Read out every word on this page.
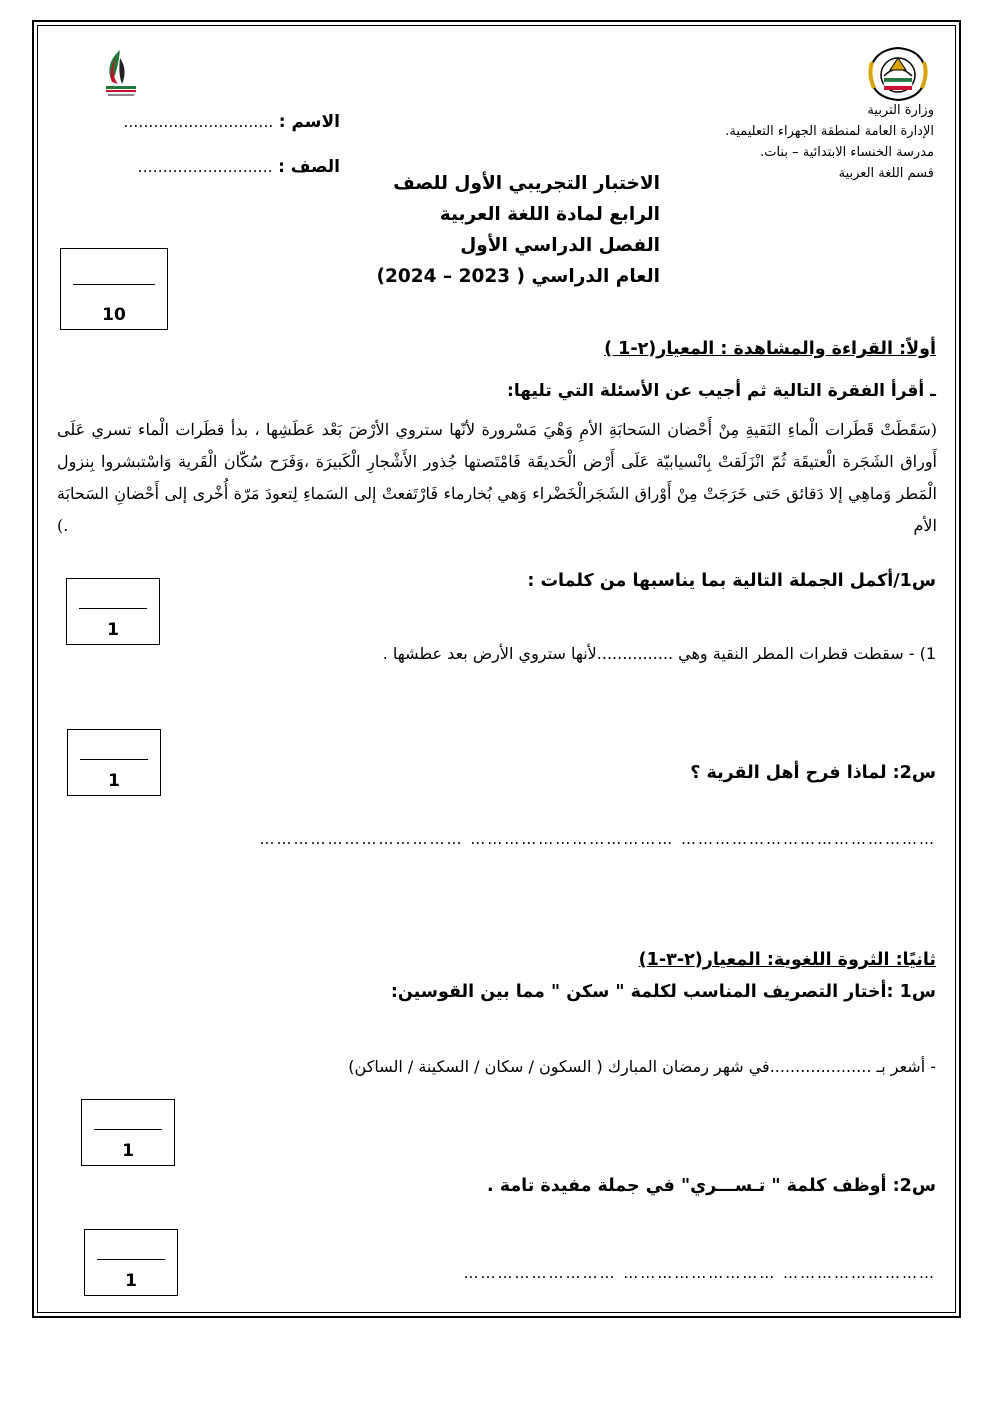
وزارة التربية
الإدارة العامة لمنطقة الجهراء التعليمية.
مدرسة الخنساء الابتدائية – بنات.
قسم اللغة العربية
الاسم : …………………………
الصف : ………………………
الاختبار التجريبي الأول للصف
الرابع لمادة اللغة العربية
الفصل الدراسي الأول
العام الدراسي ( 2023 – 2024)
10
أولاً: القراءة والمشاهدة : المعيار(٢-1 )
ـ أقرأ الفقرة التالية ثم أجيب عن الأسئلة التي تليها:
(سَقَطَتْ قَطَرات الْماءِ النَقيةِ مِنْ أَحْضان السَحابَةِ الأمِ وَهْيَ مَسْرورة لأنّها ستروي الأرْضَ بَعْد عَطَشِها ، بدأ قطَرات الْماء تسري عَلَى أَوراق الشَجَرة الْعتيقَة ثُمّ انْزَلَقتْ بِانْسيابيّة عَلَى أَرْض الْحَديقَة فَامْتَصتها جُذور الأَشْجارِ الْكَبيرَة ،وَفَرَح سُكّان الْقَرية وَاسْتبشروا بِنزول الْمَطر وَماهِي إلا دَقائق حَتى خَرَجَتْ مِنْ أَوْراق الشَجَرالْخَضْراء وَهي بُخارماء فَارْتَفعتْ إلى السَماءِ لِتعودَ مَرّة أُخْرى إلى أَحْضانِ السَحابَة الأم .)
س1/أكمل الجملة التالية بما يناسبها من كلمات :
1
1) - سقطت قطرات المطر النقية وهي ...............لأنها ستروي الأرض بعد عطشها .
1	س2: لماذا فرح أهل القرية ؟
……………………………………… ……………………………… ………………………………
ثانيًا: الثروة اللغوية: المعيار(٢-٣-1)
س1 :أختار التصريف المناسب لكلمة " سكن " مما بين القوسين:
- أشعر بـ ....................في شهر رمضان المبارك ( السكون / سكان / السكينة / الساكن)
1
س2: أوظف كلمة " تـســـري" في جملة مفيدة تامة .
1	……………………… ……………………… ………………………
